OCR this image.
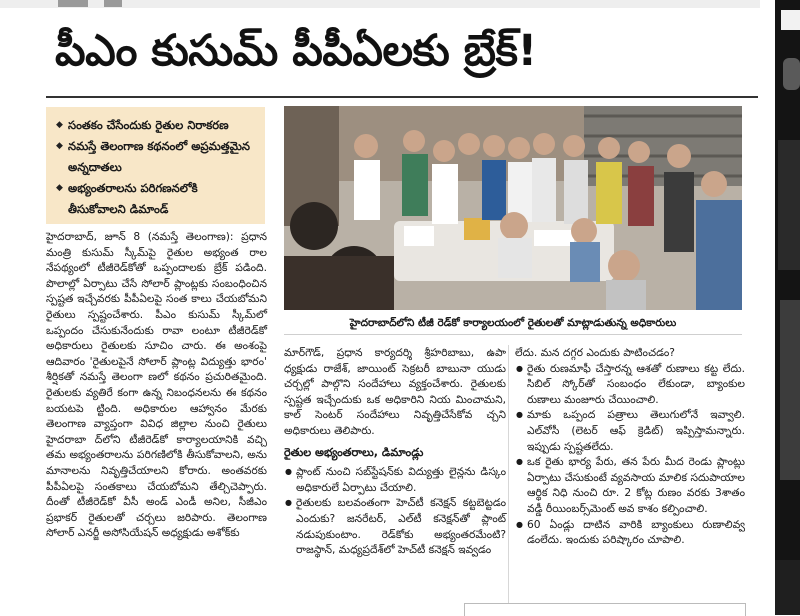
పీఎం కుసుమ్ పీపీఏలకు బ్రేక్!
◆ సంతకం చేసేందుకు రైతుల నిరాకరణ
◆ నమస్తే తెలంగాణ కథనంలో అప్రమత్తమైన అన్నదాతలు
◆ అభ్యంతరాలను పరిగణనలోకి తీసుకోవాలని డిమాండ్

హైదరాబాద్, జూన్ 8 (నమస్తే తెలంగాణ): ప్రధాన మంత్రి కుసుమ్ స్కీమ్‌పై రైతుల అభ్యంత రాల నేపథ్యంలో టీజీరెడ్‌కోతో ఒప్పందాలకు బ్రేక్ పడింది. పొలాల్లో ఏర్పాటు చేసే సోలార్ ప్లాంట్లకు సంబంధించిన స్పష్టత ఇచ్చేవరకు పీపీఏలపై సంత కాలు చేయబోమని రైతులు స్పష్టంచేశారు. పీఎం కుసుమ్ స్కీమ్‌లో ఒప్పందం చేసుకునేందుకు రావా లంటూ టీజీరెడ్‌కో అధికారులు రైతులకు సూచిం చారు. ఈ అంశంపై ఆదివారం 'రైతులపైనే సోలార్ ప్లాంట్ల విద్యుత్తు భారం' శీర్షికతో నమస్తే తెలంగా ణలో కథనం ప్రచురితమైంది. రైతులకు వ్యతిరే కంగా ఉన్న నిబంధనలను ఈ కథనం బయటపె ట్టింది. అధికారుల ఆహ్వానం మేరకు తెలంగాణ వ్యాప్తంగా వివిధ జిల్లాల నుంచి రైతులు హైదరాబా ద్‌లోని టీజీరెడ్‌కో కార్యాలయానికి వచ్చి తమ అభ్యంతరాలను పరిగణిలోకి తీసుకోవాలని, అను మానాలను నివృత్తిచేయాలని కోరారు. అంతవరకు పీపీఏలపై సంతకాలు చేయబోమని తేల్చిచెప్పారు. దీంతో టీజీరెడ్‌కో వీసీ అండ్ ఎండీ అనిల, సీజీఎం ప్రభాకర్ రైతులతో చర్చలు జరిపారు. తెలంగాణ సోలార్ ఎనర్జీ అసోసియేషన్ అధ్యక్షుడు అశోక్‌కు

హైదరాబాద్‌లోని టీజీ రెడ్‌కో కార్యాలయంలో రైతులతో మాట్లాడుతున్న అధికారులు

మార్‌గౌడ్, ప్రధాన కార్యదర్శి శ్రీహరిబాబు, ఉపా ధ్యక్షుడు రాజేశ్, జాయింట్ సెక్రటరీ బాబునా యుడు చర్చల్లో పాల్గొని సందేహాలు వ్యక్తంచేశారు. రైతులకు స్పష్టత ఇచ్చేందుకు ఒక అధికారిని నియ మించామని, కాల్ సెంటర్ సందేహాలు నివృత్తిచేసేకోవ చ్చని అధికారులు తెలిపారు.

రైతుల అభ్యంతరాలు, డిమాండ్లు

● ప్లాంట్ నుంచి సబ్‌స్టేషన్‌కు విద్యుత్తు లైన్లను డిస్కం అధికారులే ఏర్పాటు చేయాలి.

● రైతులకు బలవంతంగా హెచ్‌టీ కనెక్షన్ కట్టబెట్టడం ఎందుకు? జనరేటర్, ఎల్‌టీ కనెక్షన్‌తో ప్లాంట్ నడుపుకుంటాం. రెడ్‌కోకు అభ్యంతరమేంటి? రాజస్థాన్, మధ్యప్రదేశ్‌లో హెచ్‌టీ కనెక్షన్ ఇవ్వడం

లేదు. మన దగ్గర ఎందుకు పాటించడం?

● రైతు రుణమాఫీ చేస్తారన్న ఆశతో రుణాలు కట్ట లేదు. సిబిల్ స్కోర్‌తో సంబంధం లేకుండా, బ్యాంకుల రుణాలు మంజూరు చేయించాలి.

● మాకు ఒప్పంద పత్రాలు తెలుగులోనే ఇవ్వాలి. ఎల్‌వోసీ (లెటర్ ఆఫ్ క్రెడిట్) ఇప్పిస్తామన్నారు. ఇప్పుడు స్పష్టతలేదు.

● ఒక రైతు భార్య పేరు, తన పేరు మీద రెండు ప్లాంట్లు ఏర్పాటు చేసుకుంటే వ్యవసాయ మాలిక సదుపాయాల ఆర్థిక నిధి నుంచి రూ. 2 కోట్ల రుణం వరకు 3శాతం వడ్డీ రీయింబర్స్‌మెంట్ అవ కాశం కల్పించాలి.

● 60 ఏండ్లు దాటిన వారికి బ్యాంకులు రుణాలివ్వ డంలేదు. ఇందుకు పరిష్కారం చూపాలి.
